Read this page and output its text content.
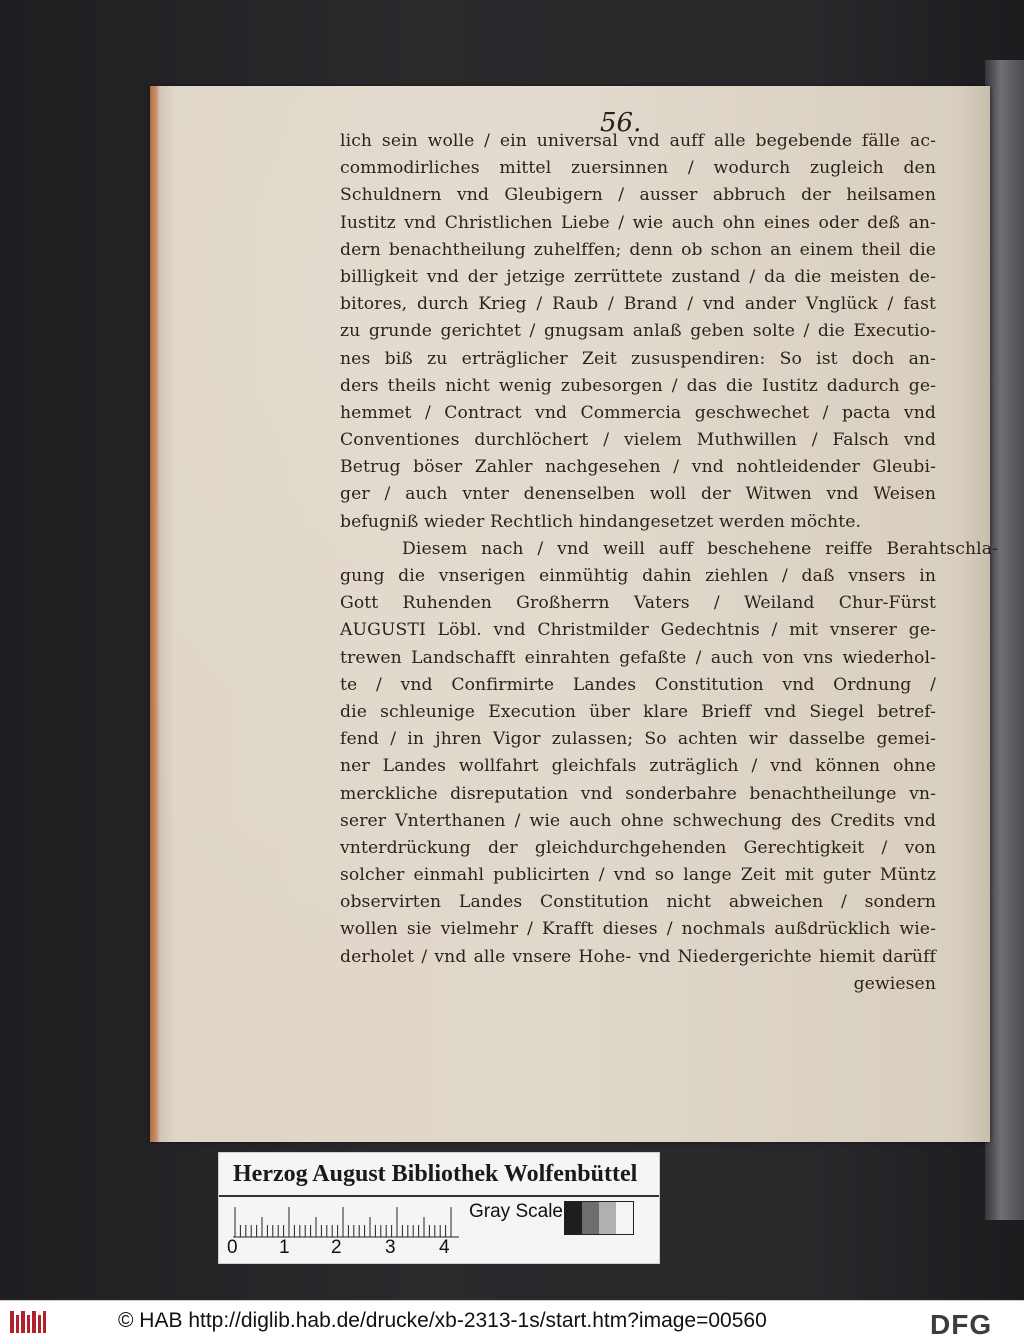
56.
lich sein wolle / ein universal vnd auff alle begebende fälle ac-
commodirliches mittel zuersinnen / wodurch zugleich den
Schuldnern vnd Gleubigern / ausser abbruch der heilsamen
Iustitz vnd Christlichen Liebe / wie auch ohn eines oder deß an-
dern benachtheilung zuhelffen; denn ob schon an einem theil die
billigkeit vnd der jetzige zerrüttete zustand / da die meisten de-
bitores, durch Krieg / Raub / Brand / vnd ander Vnglück / fast
zu grunde gerichtet / gnugsam anlaß geben solte / die Executio-
nes biß zu erträglicher Zeit zususpendiren: So ist doch an-
ders theils nicht wenig zubesorgen / das die Iustitz dadurch ge-
hemmet / Contract vnd Commercia geschwechet / pacta vnd
Conventiones durchlöchert / vielem Muthwillen / Falsch vnd
Betrug böser Zahler nachgesehen / vnd nohtleidender Gleubi-
ger / auch vnter denenselben woll der Witwen vnd Weisen
befugniß wieder Rechtlich hindangesetzet werden möchte.
Diesem nach / vnd weill auff beschehene reiffe Berahtschla-
gung die vnserigen einmühtig dahin ziehlen / daß vnsers in
Gott Ruhenden Großherrn Vaters / Weiland Chur-Fürst
AUGUSTI Löbl. vnd Christmilder Gedechtnis / mit vnserer ge-
trewen Landschafft einrahten gefaßte / auch von vns wiederhol-
te / vnd Confirmirte Landes Constitution vnd Ordnung /
die schleunige Execution über klare Brieff vnd Siegel betref-
fend / in jhren Vigor zulassen; So achten wir dasselbe gemei-
ner Landes wollfahrt gleichfals zuträglich / vnd können ohne
merckliche disreputation vnd sonderbahre benachtheilunge vn-
serer Vnterthanen / wie auch ohne schwechung des Credits vnd
vnterdrückung der gleichdurchgehenden Gerechtigkeit / von
solcher einmahl publicirten / vnd so lange Zeit mit guter Müntz
observirten Landes Constitution nicht abweichen / sondern
wollen sie vielmehr / Krafft dieses / nochmals außdrücklich wie-
derholet / vnd alle vnsere Hohe- vnd Niedergerichte hiemit darüff
gewiesen
Herzog August Bibliothek Wolfenbüttel
0 1 2 3 4
Gray Scale
© HAB http://diglib.hab.de/drucke/xb-2313-1s/start.htm?image=00560	DFG
